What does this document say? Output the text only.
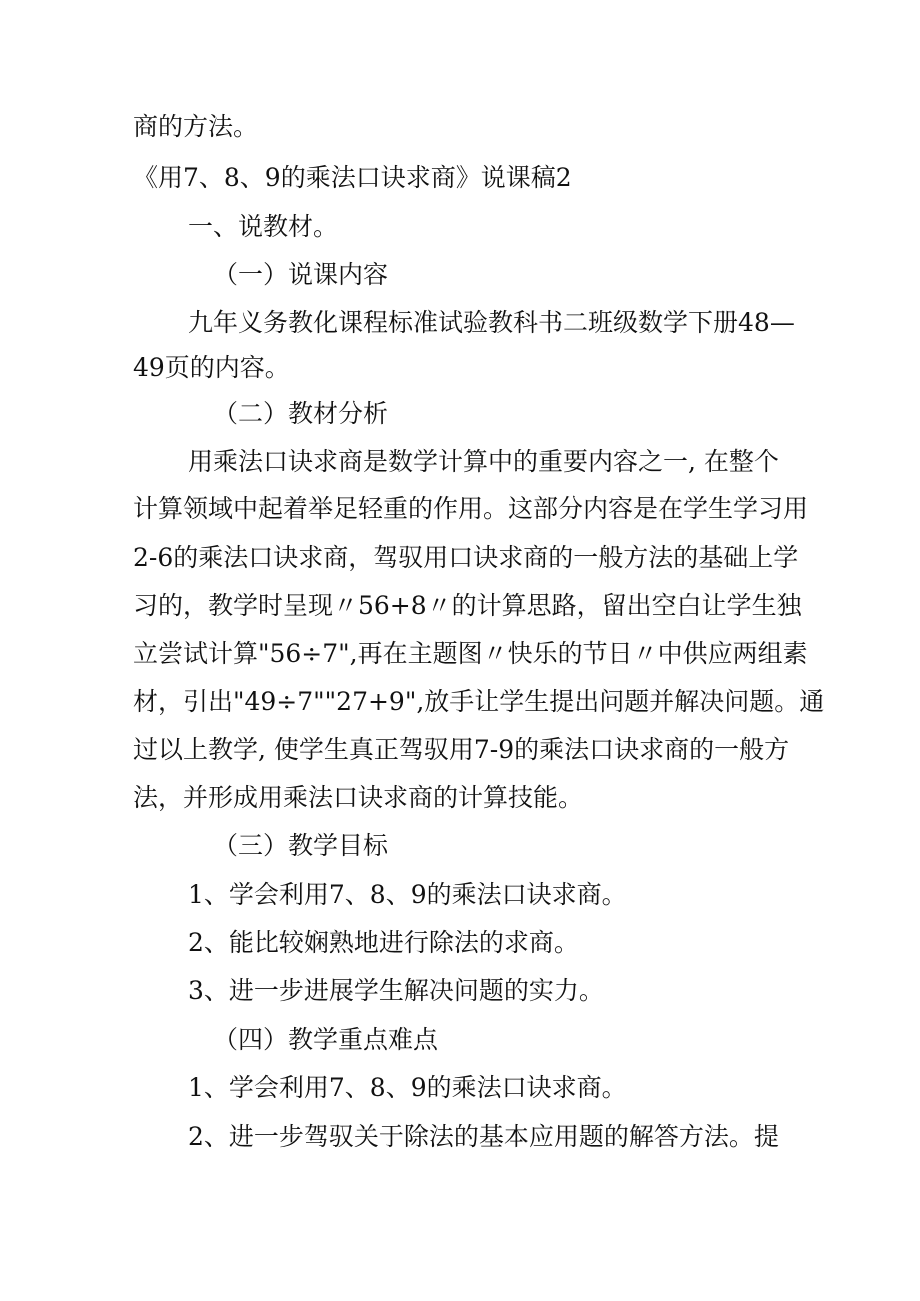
商的方法。
《用7、8、9的乘法口诀求商》说课稿2
一、说教材。
（一）说课内容
九年义务教化课程标准试验教科书二班级数学下册48—
49页的内容。
（二）教材分析
用乘法口诀求商是数学计算中的重要内容之一, 在整个
计算领域中起着举足轻重的作用。这部分内容是在学生学习用
2-6的乘法口诀求商，驾驭用口诀求商的一般方法的基础上学
习的，教学时呈现〃56+8〃的计算思路，留出空白让学生独
立尝试计算"56÷7",再在主题图〃快乐的节日〃中供应两组素
材，引出"49÷7""27+9",放手让学生提出问题并解决问题。通
过以上教学, 使学生真正驾驭用7-9的乘法口诀求商的一般方
法，并形成用乘法口诀求商的计算技能。
（三）教学目标
1、学会利用7、8、9的乘法口诀求商。
2、能比较娴熟地进行除法的求商。
3、进一步进展学生解决问题的实力。
（四）教学重点难点
1、学会利用7、8、9的乘法口诀求商。
2、进一步驾驭关于除法的基本应用题的解答方法。提
